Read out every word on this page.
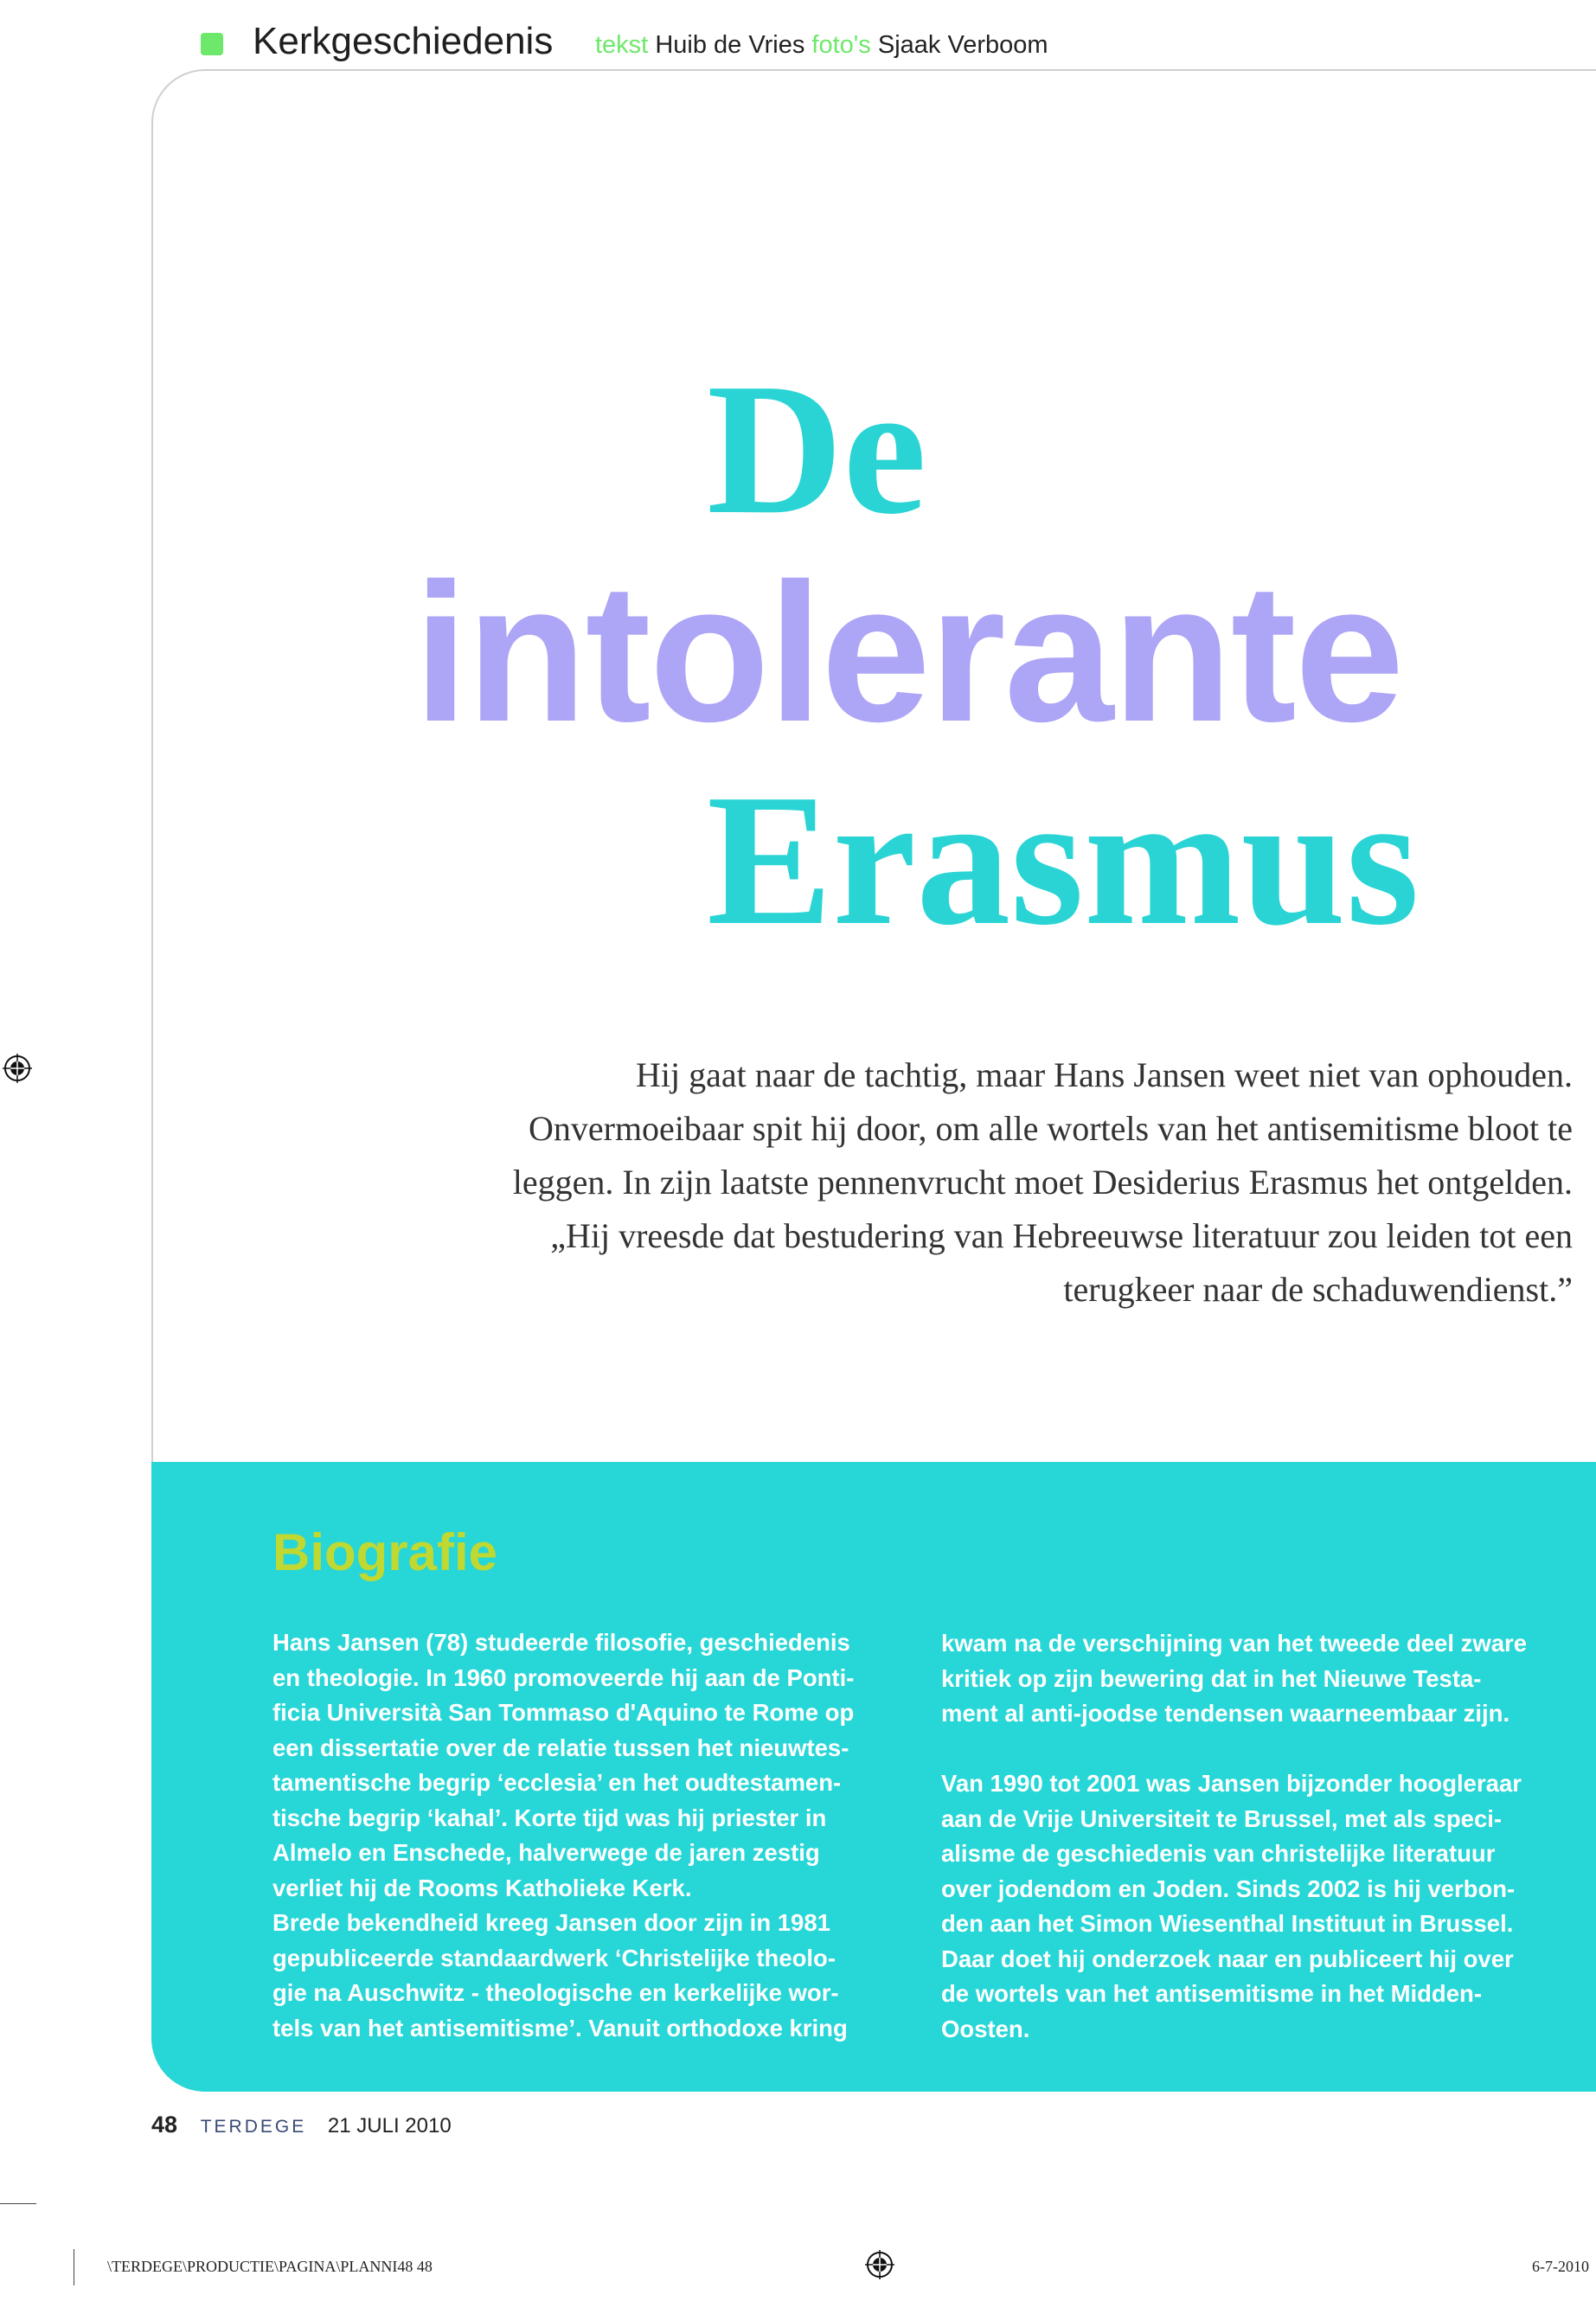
Kerkgeschiedenis tekst Huib de Vries foto's Sjaak Verboom
De
intolerante
Erasmus

Hij gaat naar de tachtig, maar Hans Jansen weet niet van ophouden.

Onvermoeibaar spit hij door, om alle wortels van het antisemitisme bloot te

leggen. In zijn laatste pennenvrucht moet Desiderius Erasmus het ontgelden.

„Hij vreesde dat bestudering van Hebreeuwse literatuur zou leiden tot een

terugkeer naar de schaduwendienst.”

Biografie

Hans Jansen (78) studeerde filosofie, geschiedenis

en theologie. In 1960 promoveerde hij aan de Ponti-

ficia Università San Tommaso d'Aquino te Rome op

een dissertatie over de relatie tussen het nieuwtes-

tamentische begrip ‘ecclesia’ en het oudtestamen-

tische begrip ‘kahal’. Korte tijd was hij priester in

Almelo en Enschede, halverwege de jaren zestig

verliet hij de Rooms Katholieke Kerk.

Brede bekendheid kreeg Jansen door zijn in 1981

gepubliceerde standaardwerk ‘Christelijke theolo-

gie na Auschwitz - theologische en kerkelijke wor-

tels van het antisemitisme’. Vanuit orthodoxe kring

kwam na de verschijning van het tweede deel zware

kritiek op zijn bewering dat in het Nieuwe Testa-

ment al anti-joodse tendensen waarneembaar zijn.

Van 1990 tot 2001 was Jansen bijzonder hoogleraar

aan de Vrije Universiteit te Brussel, met als speci-

alisme de geschiedenis van christelijke literatuur

over jodendom en Joden. Sinds 2002 is hij verbon-

den aan het Simon Wiesenthal Instituut in Brussel.

Daar doet hij onderzoek naar en publiceert hij over

de wortels van het antisemitisme in het Midden-

Oosten.

48 TERDEGE 21 JULI 2010
\TERDEGE\PRODUCTIE\PAGINA\PLANNI48 48	6-7-2010
